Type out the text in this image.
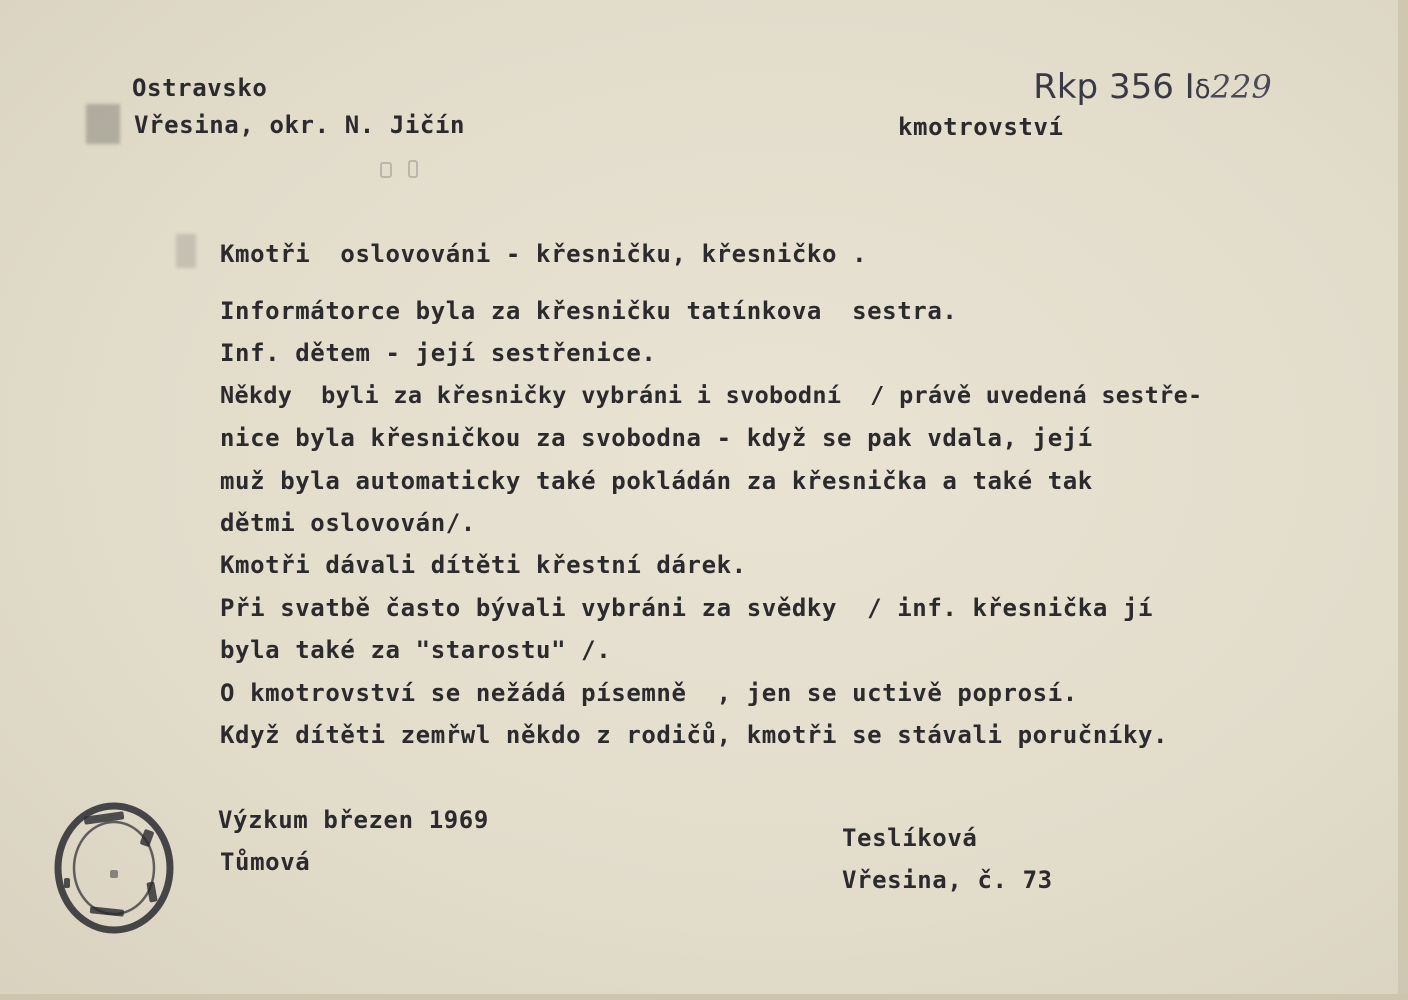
Rkp 356 Iδ229

Ostravsko
Vřesina, okr. N. Jičín	kmotrovství
Kmotři  oslovováni - křesničku, křesničko .
Informátorce byla za křesničku tatínkova  sestra.
Inf. dětem - její sestřenice.
Někdy  byli za křesničky vybráni i svobodní  / právě uvedená sestře-
nice byla křesničkou za svobodna - když se pak vdala, její
muž byla automaticky také pokládán za křesnička a také tak
dětmi oslovován/.
Kmotři dávali dítěti křestní dárek.
Při svatbě často bývali vybráni za svědky  / inf. křesnička jí
byla také za "starostu" /.
O kmotrovství se nežádá písemně  , jen se uctivě poprosí.
Když dítěti zemřwl někdo z rodičů, kmotři se stávali poručníky.
Výzkum březen 1969
Tůmová
Teslíková
Vřesina, č. 73
